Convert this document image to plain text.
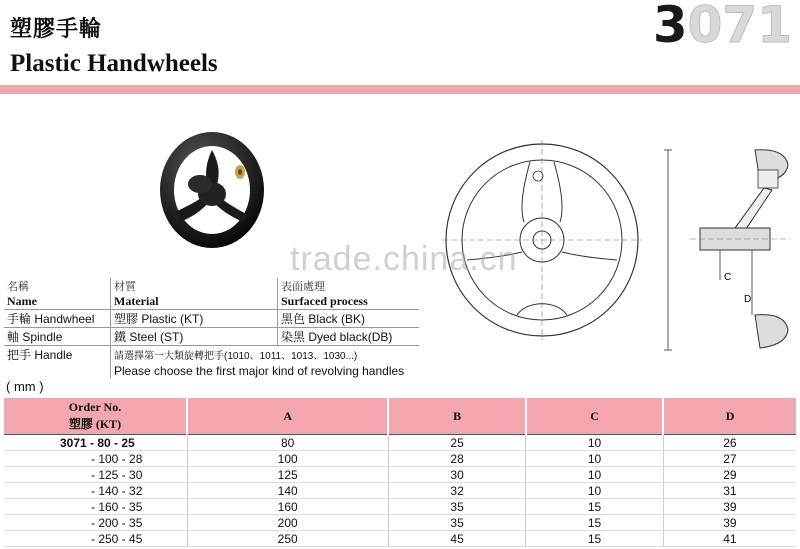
塑膠手輪
Plastic Handwheels
3071
C
D
trade.china.cn
名稱	材質	表面處理
Name	Material	Surfaced process
手輪 Handwheel	塑膠 Plastic (KT)	黑色 Black (BK)
軸 Spindle	鐵 Steel (ST)	染黑 Dyed black(DB)
把手 Handle	請選擇第一大類旋轉把手(1010、1011、1013、1030...)	
	Please choose the first major kind of revolving handles	
( mm )
Order No.
塑膠 (KT)	A	B	C	D
3071 - 80 - 25	80	25	10	26
- 100 - 28	100	28	10	27
- 125 - 30	125	30	10	29
- 140 - 32	140	32	10	31
- 160 - 35	160	35	15	39
- 200 - 35	200	35	15	39
- 250 - 45	250	45	15	41
